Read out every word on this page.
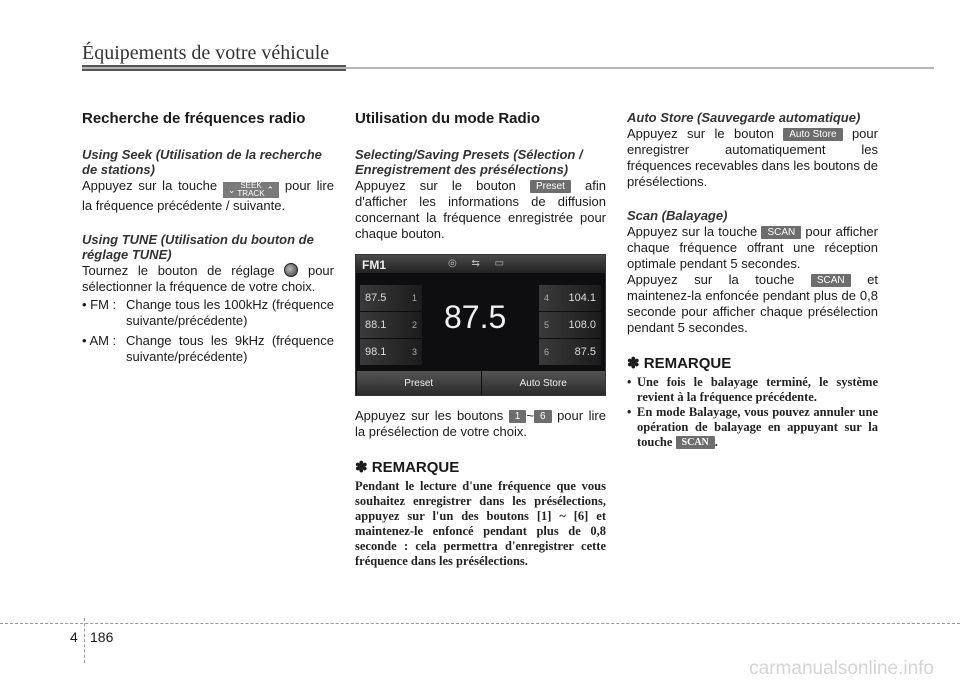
Équipements de votre véhicule
Recherche de fréquences radio
Using Seek (Utilisation de la recherche de stations)

Appuyez sur la touche ⌄ SEEK
TRACK ⌃ pour lire la fréquence précédente / suivante.

Using TUNE (Utilisation du bouton de réglage TUNE)

Tournez le bouton de réglage	pour sélectionner la fréquence de votre choix.

• FM : Change tous les 100kHz (fréquence suivante/précédente)
• AM : Change tous les 9kHz (fréquence suivante/précédente)
Utilisation du mode Radio
Selecting/Saving Presets (Sélection / Enregistrement des présélections)

Appuyez sur le bouton Preset afin d'afficher les informations de diffusion concernant la fréquence enregistrée pour chaque bouton.

FM1	◎ ⇆ ▭
87.5	1
88.1	2
98.1	3
87.5
4 104.1
5 108.0
6 87.5
Preset	Auto Store

Appuyez sur les boutons 1 ~ 6 pour lire la présélection de votre choix.

✽ REMARQUE
Pendant le lecture d'une fréquence que vous souhaitez enregistrer dans les présélections, appuyez sur l'un des boutons [1] ~ [6] et maintenez-le enfoncé pendant plus de 0,8 seconde : cela permettra d'enregistrer cette fréquence dans les présélections.
Auto Store (Sauvegarde automatique)

Appuyez sur le bouton Auto Store pour enregistrer automatiquement les fréquences recevables dans les boutons de présélections.

Scan (Balayage)

Appuyez sur la touche SCAN pour afficher chaque fréquence offrant une réception optimale pendant 5 secondes.

Appuyez sur la touche SCAN et maintenez-la enfoncée pendant plus de 0,8 seconde pour afficher chaque présélection pendant 5 secondes.

✽ REMARQUE
• Une fois le balayage terminé, le système revient à la fréquence précédente.
• En mode Balayage, vous pouvez annuler une opération de balayage en appuyant sur la touche SCAN .
4 186
carmanualsonline.info
